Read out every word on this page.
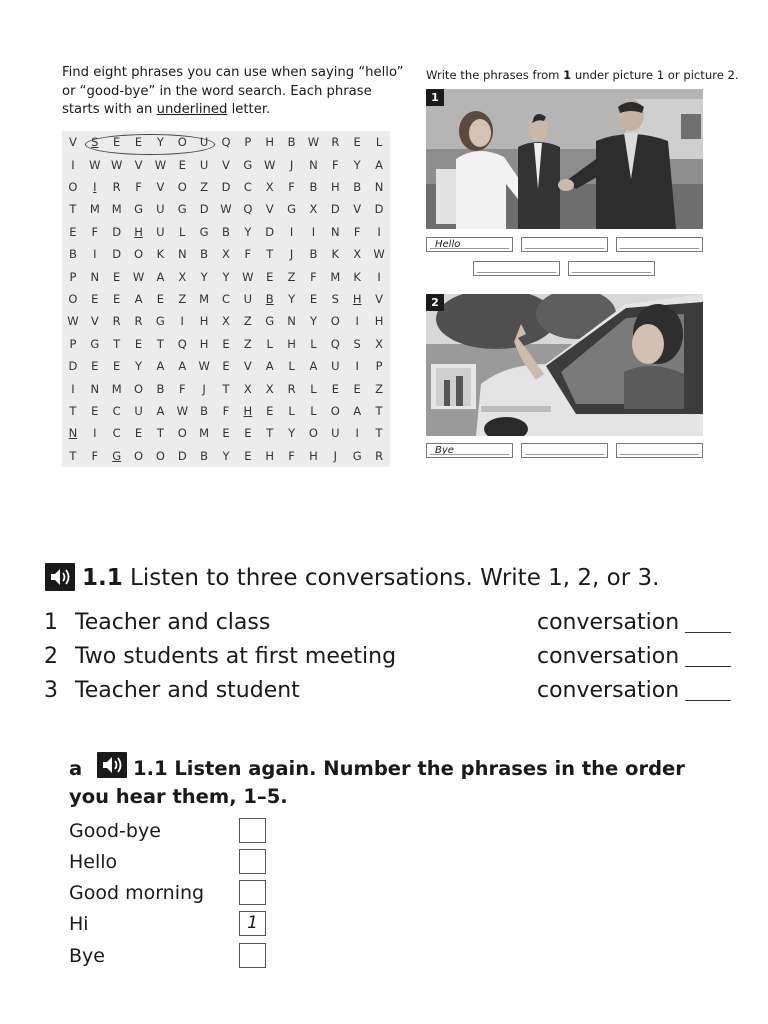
Find eight phrases you can use when saying “hello” or “good-bye” in the word search. Each phrase starts with an underlined letter.
V S E E Y O U Q P H B W R E L
I W W V W E U V G W J N F Y A
O I R F V O Z D C X F B H B N
T M M G U G D W Q V G X D V D
E F D H U L G B Y D I I N F I
B I D O K N B X F T J B K X W
P N E W A X Y Y W E Z F M K I
O E E A E Z M C U B Y E S H V
W V R R G I H X Z G N Y O I H
P G T E T Q H E Z L H L Q S X
D E E Y A A W E V A L A U I P
I N M O B F J T X X R L E E Z
T E C U A W B F H E L L O A T
N I C E T O M E E T Y O U I T
T F G O O D B Y E H F H J G R
Write the phrases from 1 under picture 1 or picture 2.
1
Hello
2
Bye
1.1 Listen to three conversations. Write 1, 2, or 3.
1 Teacher and class	conversation
2 Two students at first meeting	conversation
3 Teacher and student	conversation
a	1.1 Listen again. Number the phrases in the order
you hear them, 1–5.
Good-bye
Hello
Good morning
Hi	1
Bye
